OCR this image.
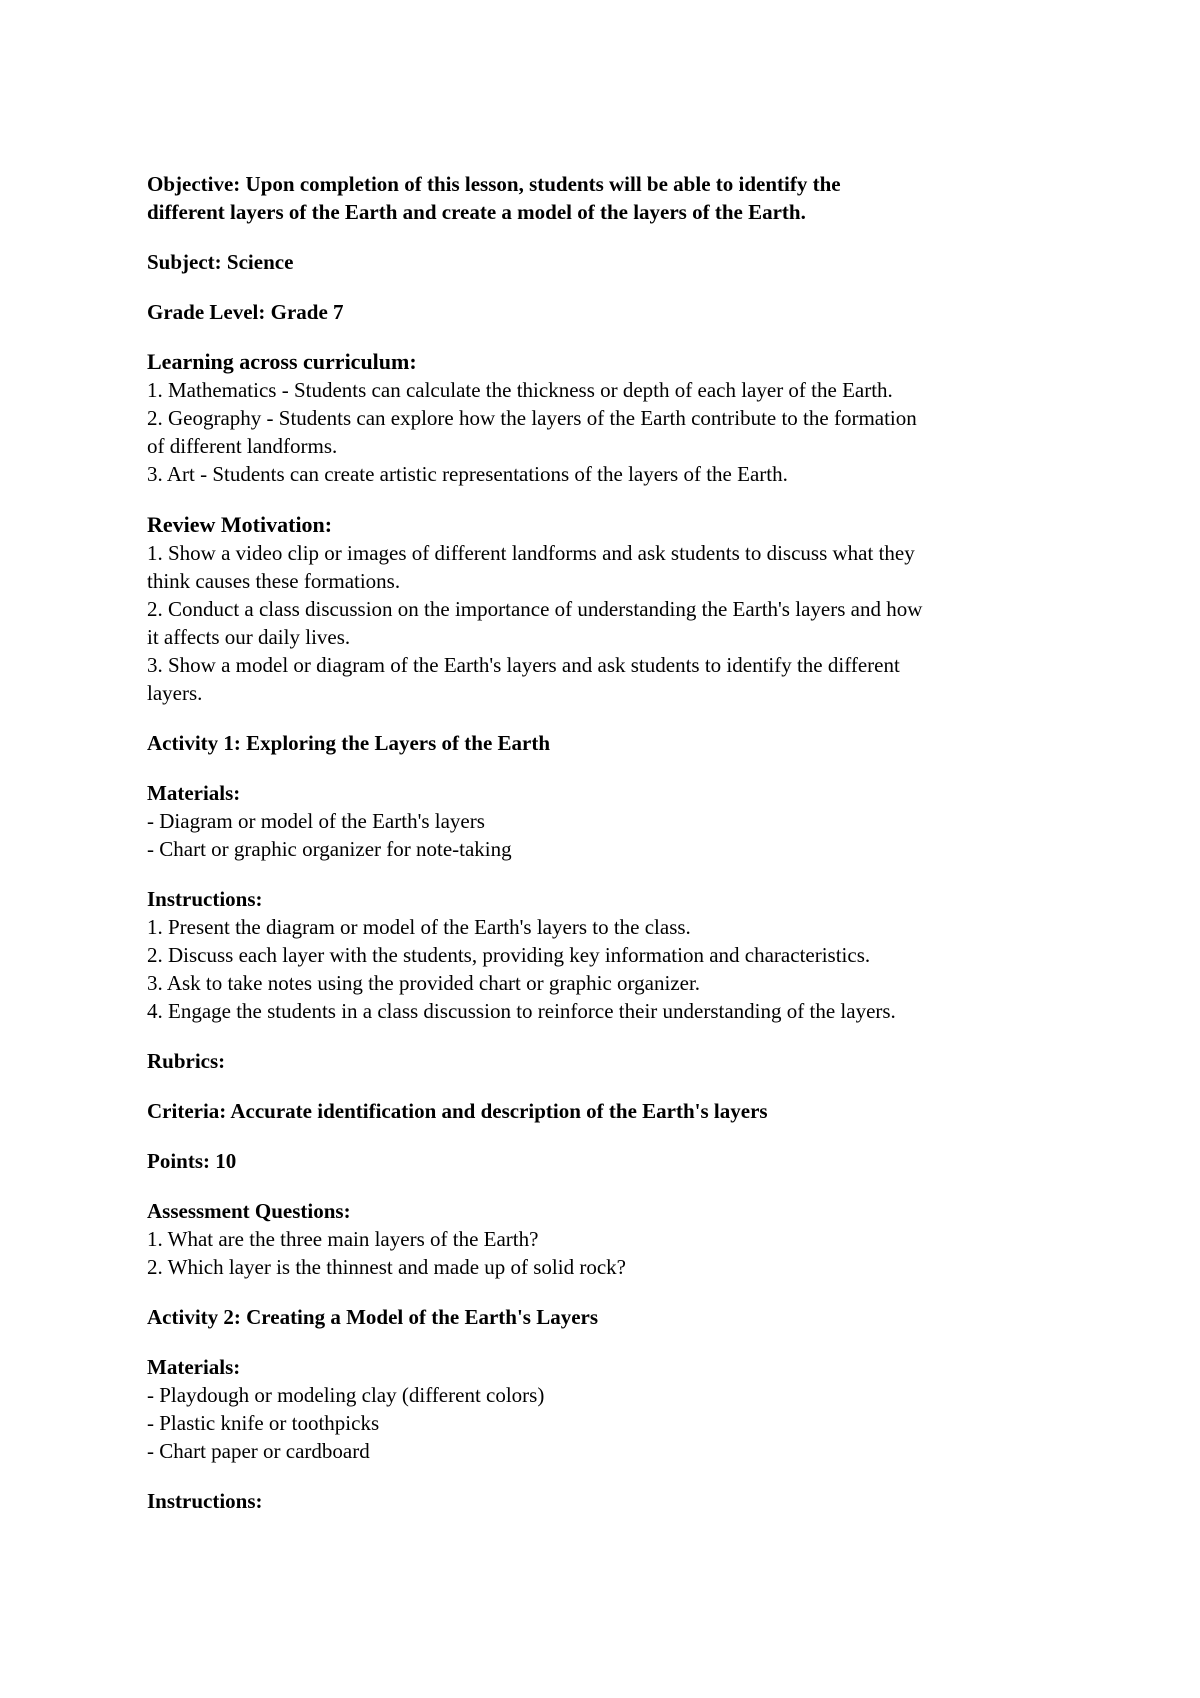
Objective: Upon completion of this lesson, students will be able to identify the
different layers of the Earth and create a model of the layers of the Earth.

Subject: Science

Grade Level: Grade 7

Learning across curriculum:
1. Mathematics - Students can calculate the thickness or depth of each layer of the Earth.
2. Geography - Students can explore how the layers of the Earth contribute to the formation
of different landforms.
3. Art - Students can create artistic representations of the layers of the Earth.

Review Motivation:
1. Show a video clip or images of different landforms and ask students to discuss what they
think causes these formations.
2. Conduct a class discussion on the importance of understanding the Earth's layers and how
it affects our daily lives.
3. Show a model or diagram of the Earth's layers and ask students to identify the different
layers.

Activity 1: Exploring the Layers of the Earth

Materials:
- Diagram or model of the Earth's layers
- Chart or graphic organizer for note-taking

Instructions:
1. Present the diagram or model of the Earth's layers to the class.
2. Discuss each layer with the students, providing key information and characteristics.
3. Ask to take notes using the provided chart or graphic organizer.
4. Engage the students in a class discussion to reinforce their understanding of the layers.

Rubrics:

Criteria: Accurate identification and description of the Earth's layers

Points: 10

Assessment Questions:
1. What are the three main layers of the Earth?
2. Which layer is the thinnest and made up of solid rock?

Activity 2: Creating a Model of the Earth's Layers

Materials:
- Playdough or modeling clay (different colors)
- Plastic knife or toothpicks
- Chart paper or cardboard

Instructions:
